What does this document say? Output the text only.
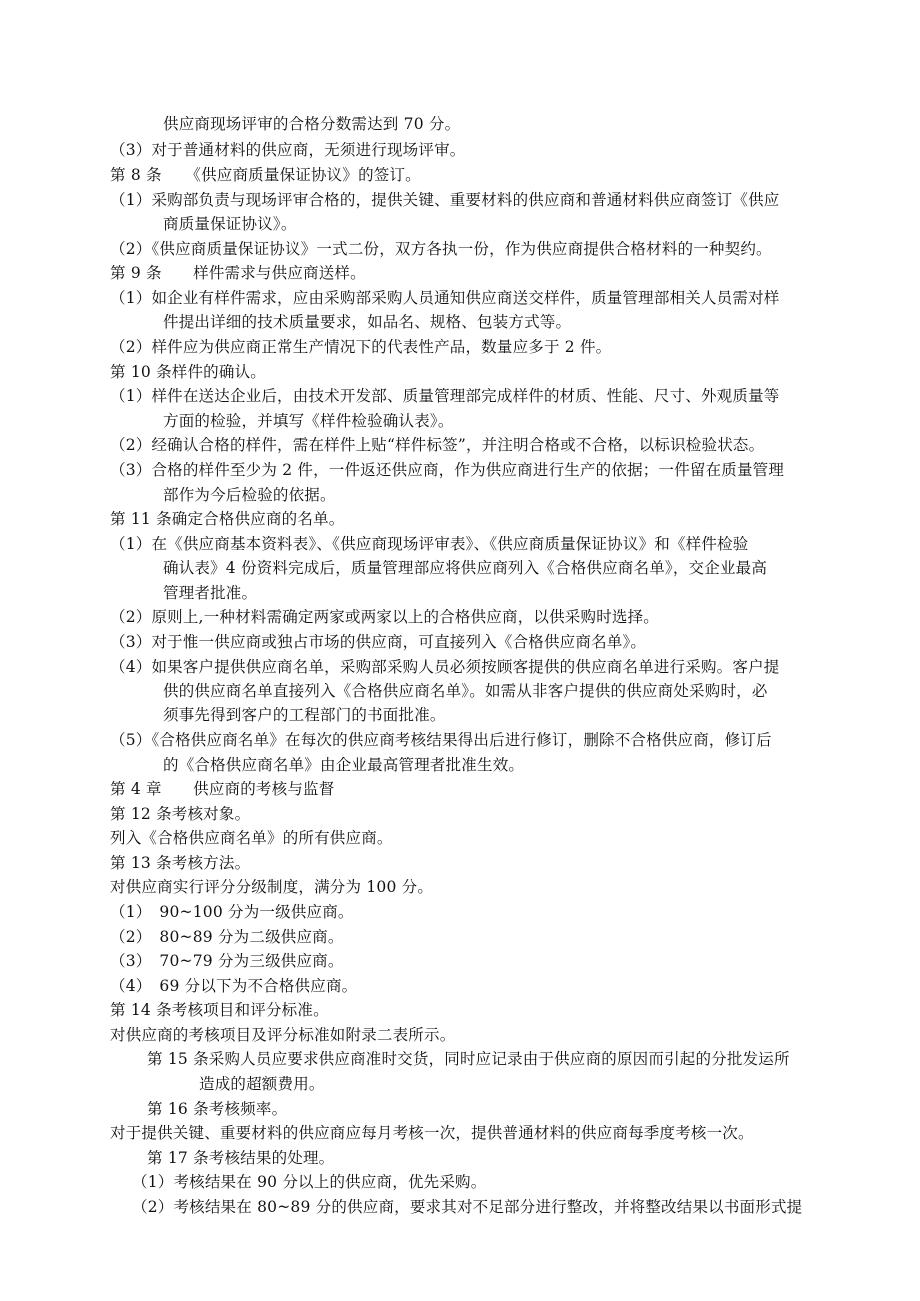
供应商现场评审的合格分数需达到 70 分。
（3）对于普通材料的供应商，无须进行现场评审。
第 8 条　　《供应商质量保证协议》的签订。
（1）采购部负责与现场评审合格的，提供关键、重要材料的供应商和普通材料供应商签订《供应
商质量保证协议》。
（2）《供应商质量保证协议》一式二份，双方各执一份，作为供应商提供合格材料的一种契约。
第 9 条　　样件需求与供应商送样。
（1）如企业有样件需求，应由采购部采购人员通知供应商送交样件，质量管理部相关人员需对样
件提出详细的技术质量要求，如品名、规格、包装方式等。
（2）样件应为供应商正常生产情况下的代表性产品，数量应多于 2 件。
第 10 条样件的确认。
（1）样件在送达企业后，由技术开发部、质量管理部完成样件的材质、性能、尺寸、外观质量等
方面的检验，并填写《样件检验确认表》。
（2）经确认合格的样件，需在样件上贴“样件标签”，并注明合格或不合格，以标识检验状态。
（3）合格的样件至少为 2 件，一件返还供应商，作为供应商进行生产的依据；一件留在质量管理
部作为今后检验的依据。
第 11 条确定合格供应商的名单。
（1）在《供应商基本资料表》、《供应商现场评审表》、《供应商质量保证协议》和《样件检验
确认表》4 份资料完成后，质量管理部应将供应商列入《合格供应商名单》，交企业最高
管理者批准。
（2）原则上,一种材料需确定两家或两家以上的合格供应商，以供采购时选择。
（3）对于惟一供应商或独占市场的供应商，可直接列入《合格供应商名单》。
（4）如果客户提供供应商名单，采购部采购人员必须按顾客提供的供应商名单进行采购。客户提
供的供应商名单直接列入《合格供应商名单》。如需从非客户提供的供应商处采购时，必
须事先得到客户的工程部门的书面批准。
（5）《合格供应商名单》在每次的供应商考核结果得出后进行修订，删除不合格供应商，修订后
的《合格供应商名单》由企业最高管理者批准生效。
第 4 章　　供应商的考核与监督
第 12 条考核对象。
列入《合格供应商名单》的所有供应商。
第 13 条考核方法。
对供应商实行评分分级制度，满分为 100 分。
（1）　90~100 分为一级供应商。
（2）　80~89 分为二级供应商。
（3）　70~79 分为三级供应商。
（4）　69 分以下为不合格供应商。
第 14 条考核项目和评分标准。
对供应商的考核项目及评分标准如附录二表所示。
第 15 条采购人员应要求供应商准时交货，同时应记录由于供应商的原因而引起的分批发运所
造成的超额费用。
第 16 条考核频率。
对于提供关键、重要材料的供应商应每月考核一次，提供普通材料的供应商每季度考核一次。
第 17 条考核结果的处理。
（1）考核结果在 90 分以上的供应商，优先采购。
（2）考核结果在 80~89 分的供应商，要求其对不足部分进行整改，并将整改结果以书面形式提
